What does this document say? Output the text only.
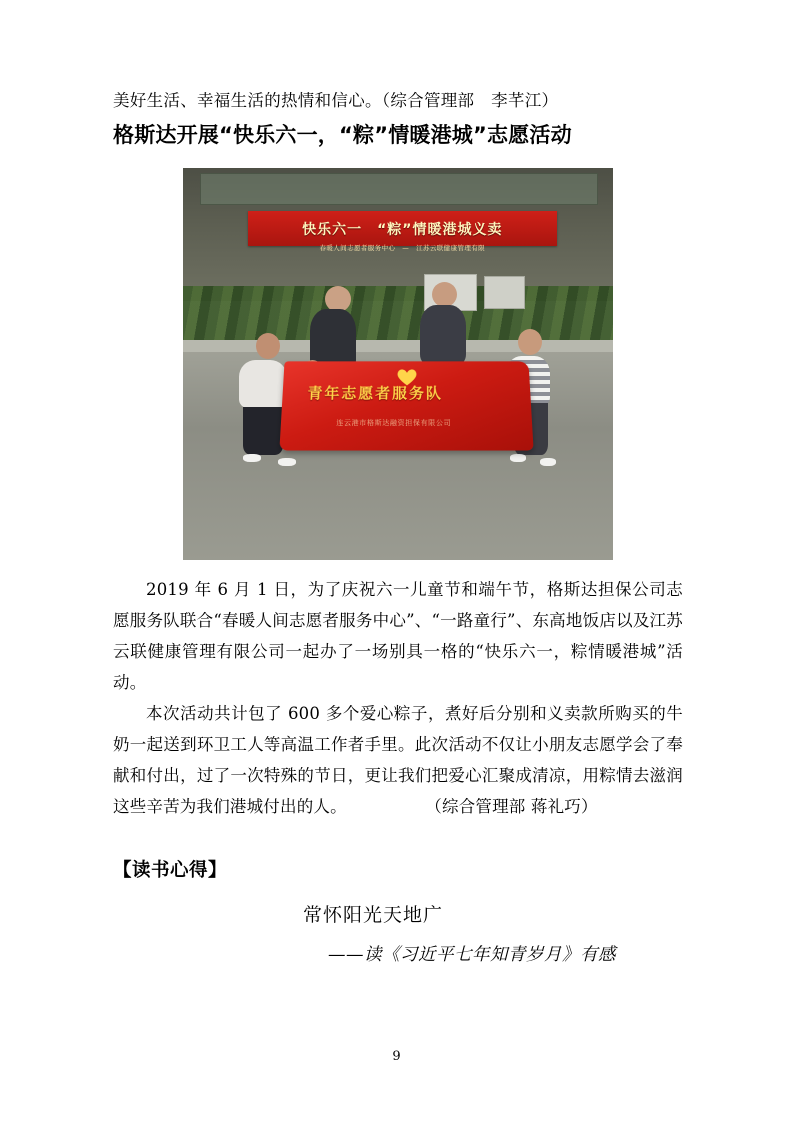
美好生活、幸福生活的热情和信心。（综合管理部　李芊江）
格斯达开展“快乐六一，“粽”情暖港城”志愿活动
快乐六一　“粽”情暖港城义卖
春暖人间志愿者服务中心　—　江苏云联健康管理有限
青年志愿者服务队
连云港市格斯达融资担保有限公司
2019 年 6 月 1 日，为了庆祝六一儿童节和端午节，格斯达担保公司志愿服务队联合“春暖人间志愿者服务中心”、“一路童行”、东高地饭店以及江苏云联健康管理有限公司一起办了一场别具一格的“快乐六一，粽情暖港城”活动。
本次活动共计包了 600 多个爱心粽子，煮好后分别和义卖款所购买的牛奶一起送到环卫工人等高温工作者手里。此次活动不仅让小朋友志愿学会了奉献和付出，过了一次特殊的节日，更让我们把爱心汇聚成清凉，用粽情去滋润这些辛苦为我们港城付出的人。	（综合管理部 蒋礼巧）
【读书心得】
常怀阳光天地广
——读《习近平七年知青岁月》有感
9
